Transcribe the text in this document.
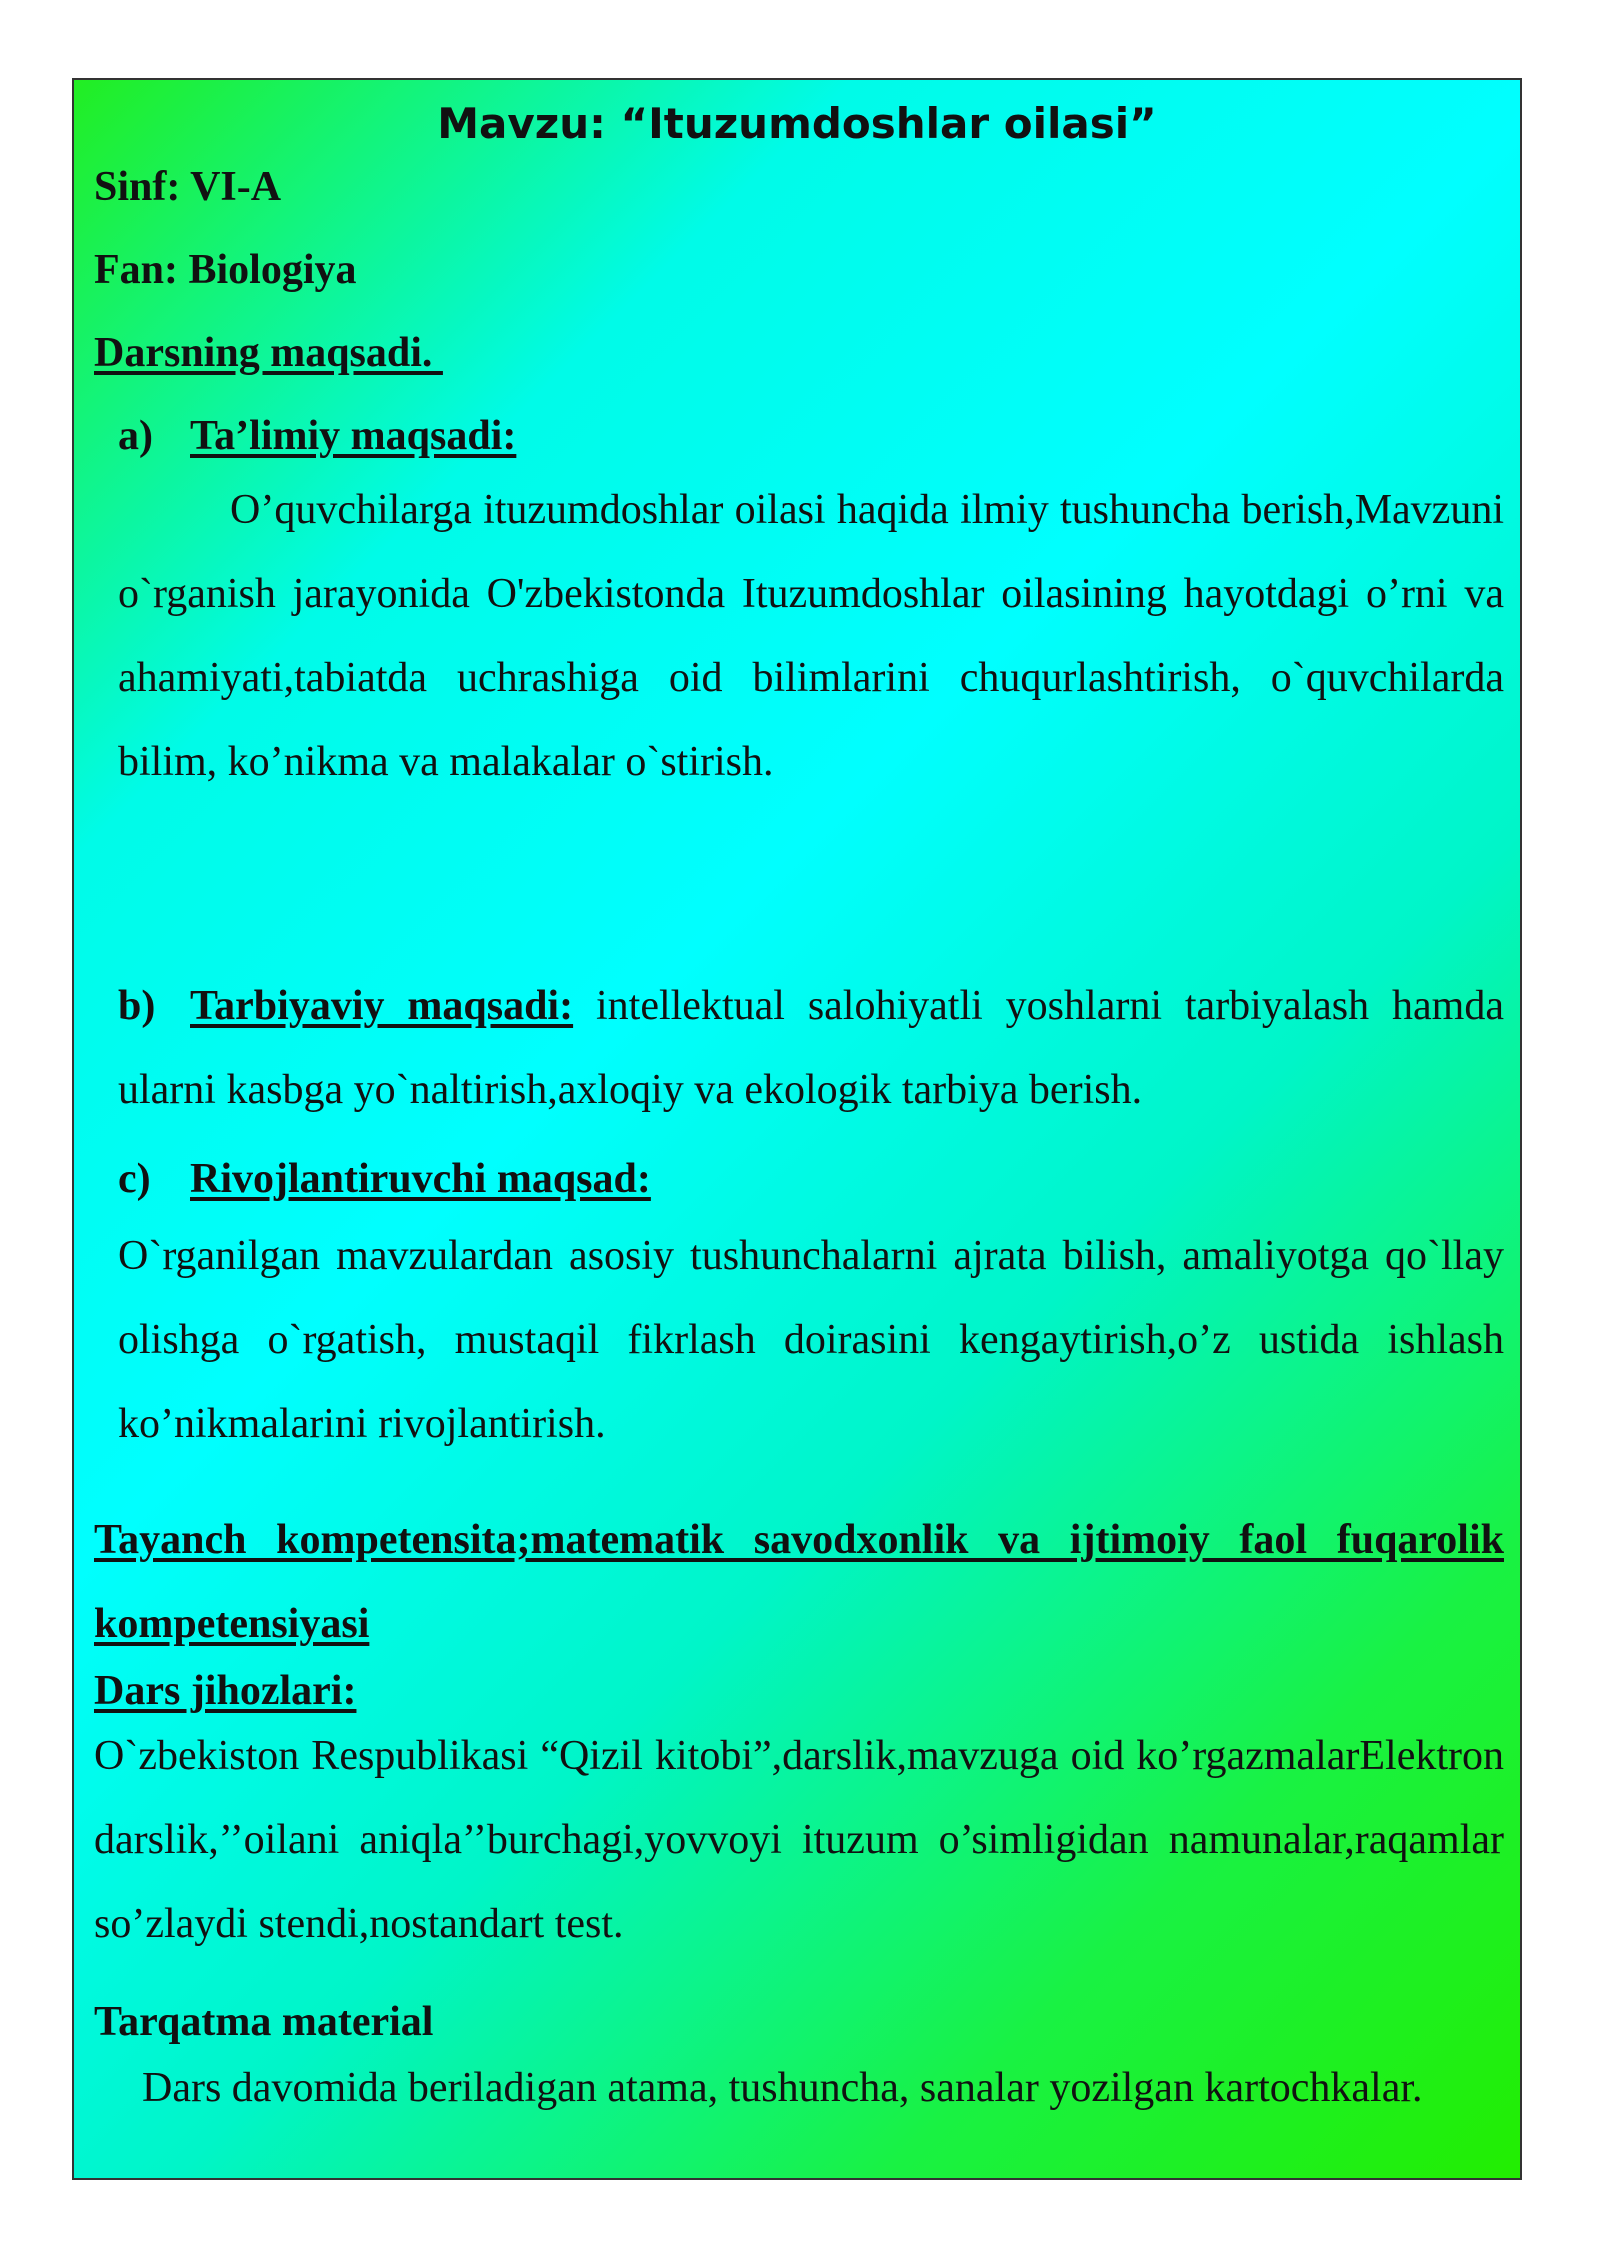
Mavzu: “Ituzumdoshlar oilasi”
Sinf: VI-A
Fan: Biologiya
Darsning maqsadi.
a) Ta’limiy maqsadi:

O’quvchilarga ituzumdoshlar oilasi haqida ilmiy tushuncha berish,Mavzuni o`rganish jarayonida O'zbekistonda Ituzumdoshlar oilasining hayotdagi o’rni va ahamiyati,tabiatda uchrashiga oid bilimlarini chuqurlashtirish, o`quvchilarda bilim, ko’nikma va malakalar o`stirish.

b) Tarbiyaviy maqsadi: intellektual salohiyatli yoshlarni tarbiyalash hamda ularni kasbga yo`naltirish,axloqiy va ekologik tarbiya berish.

c) Rivojlantiruvchi maqsad:

O`rganilgan mavzulardan asosiy tushunchalarni ajrata bilish, amaliyotga qo`llay olishga o`rgatish, mustaqil fikrlash doirasini kengaytirish,o’z ustida ishlash ko’nikmalarini rivojlantirish.

Tayanch kompetensita;matematik savodxonlik va ijtimoiy faol fuqarolik kompetensiyasi

Dars jihozlari:

O`zbekiston Respublikasi “Qizil kitobi”,darslik,mavzuga oid ko’rgazmalarElektron darslik,’’oilani aniqla’’burchagi,yovvoyi ituzum o’simligidan namunalar,raqamlar so’zlaydi stendi,nostandart test.

Tarqatma material

Dars davomida beriladigan atama, tushuncha, sanalar yozilgan kartochkalar.
